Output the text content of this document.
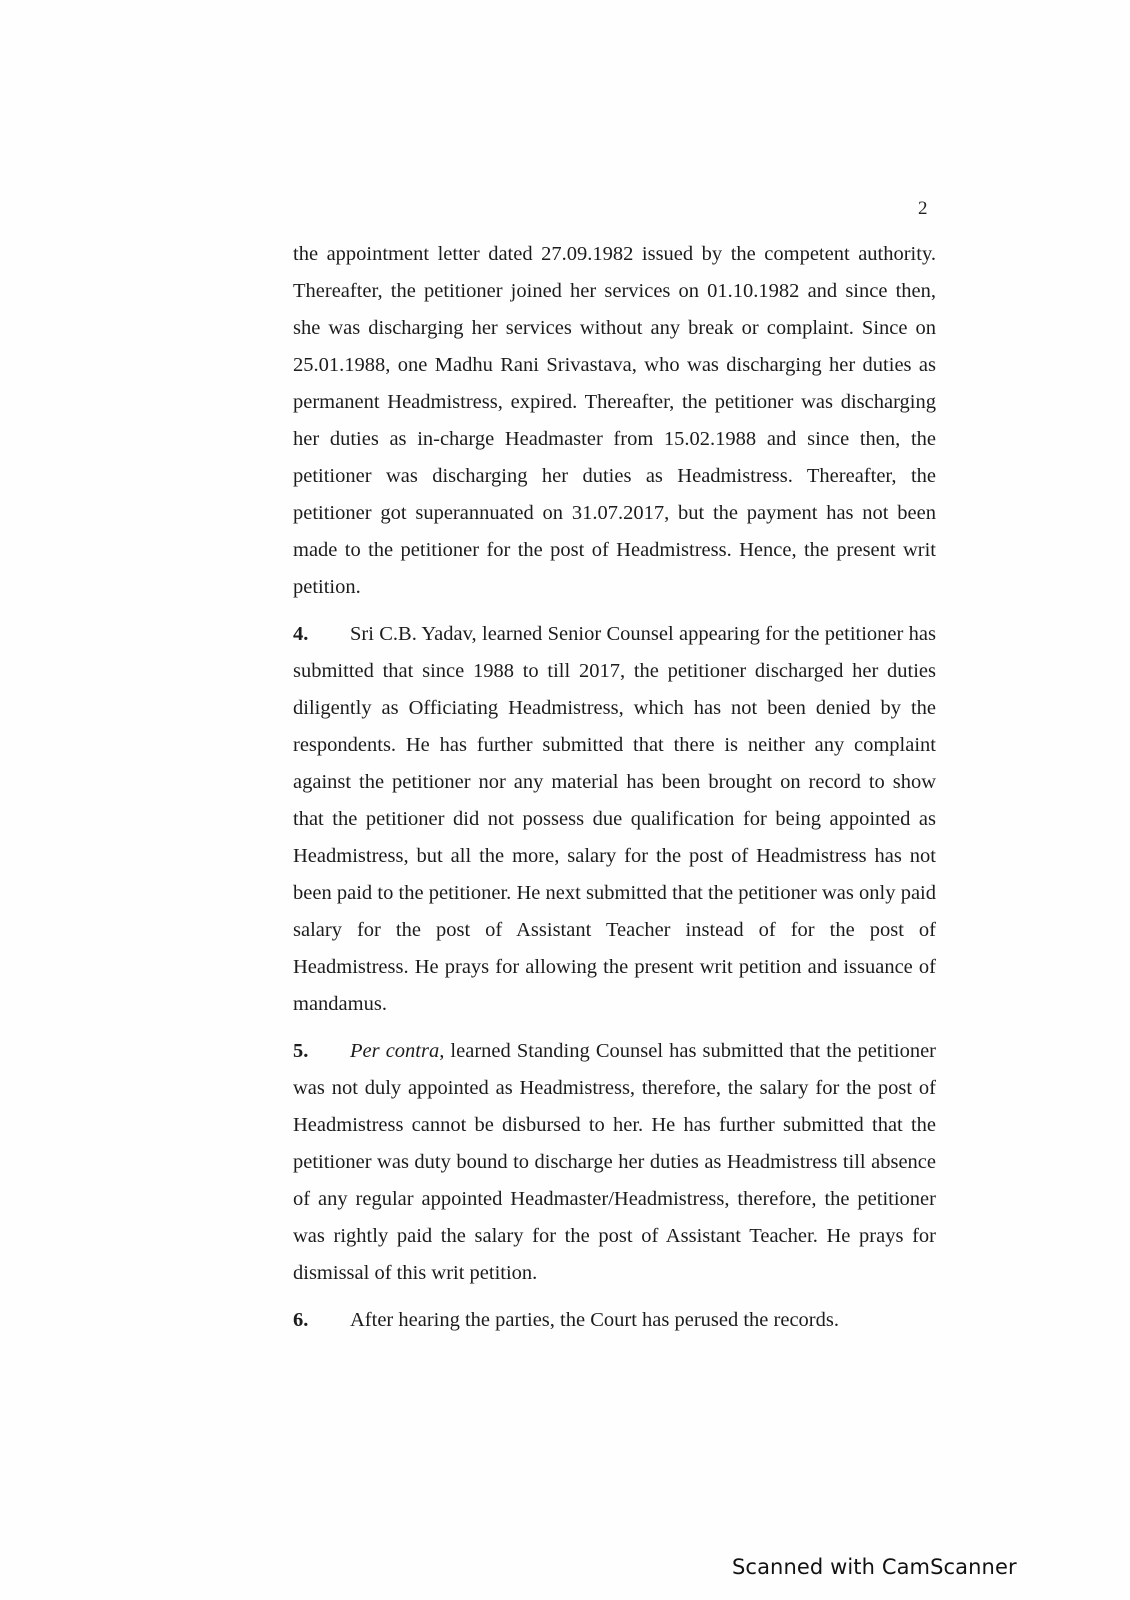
2

the appointment letter dated 27.09.1982 issued by the competent authority. Thereafter, the petitioner joined her services on 01.10.1982 and since then, she was discharging her services without any break or complaint. Since on 25.01.1988, one Madhu Rani Srivastava, who was discharging her duties as permanent Headmistress, expired. Thereafter, the petitioner was discharging her duties as in-charge Headmaster from 15.02.1988 and since then, the petitioner was discharging her duties as Headmistress. Thereafter, the petitioner got superannuated on 31.07.2017, but the payment has not been made to the petitioner for the post of Headmistress. Hence, the present writ petition.

4. Sri C.B. Yadav, learned Senior Counsel appearing for the petitioner has submitted that since 1988 to till 2017, the petitioner discharged her duties diligently as Officiating Headmistress, which has not been denied by the respondents. He has further submitted that there is neither any complaint against the petitioner nor any material has been brought on record to show that the petitioner did not possess due qualification for being appointed as Headmistress, but all the more, salary for the post of Headmistress has not been paid to the petitioner. He next submitted that the petitioner was only paid salary for the post of Assistant Teacher instead of for the post of Headmistress. He prays for allowing the present writ petition and issuance of mandamus.

5. Per contra, learned Standing Counsel has submitted that the petitioner was not duly appointed as Headmistress, therefore, the salary for the post of Headmistress cannot be disbursed to her. He has further submitted that the petitioner was duty bound to discharge her duties as Headmistress till absence of any regular appointed Headmaster/Headmistress, therefore, the petitioner was rightly paid the salary for the post of Assistant Teacher. He prays for dismissal of this writ petition.

6. After hearing the parties, the Court has perused the records.

Scanned with CamScanner
